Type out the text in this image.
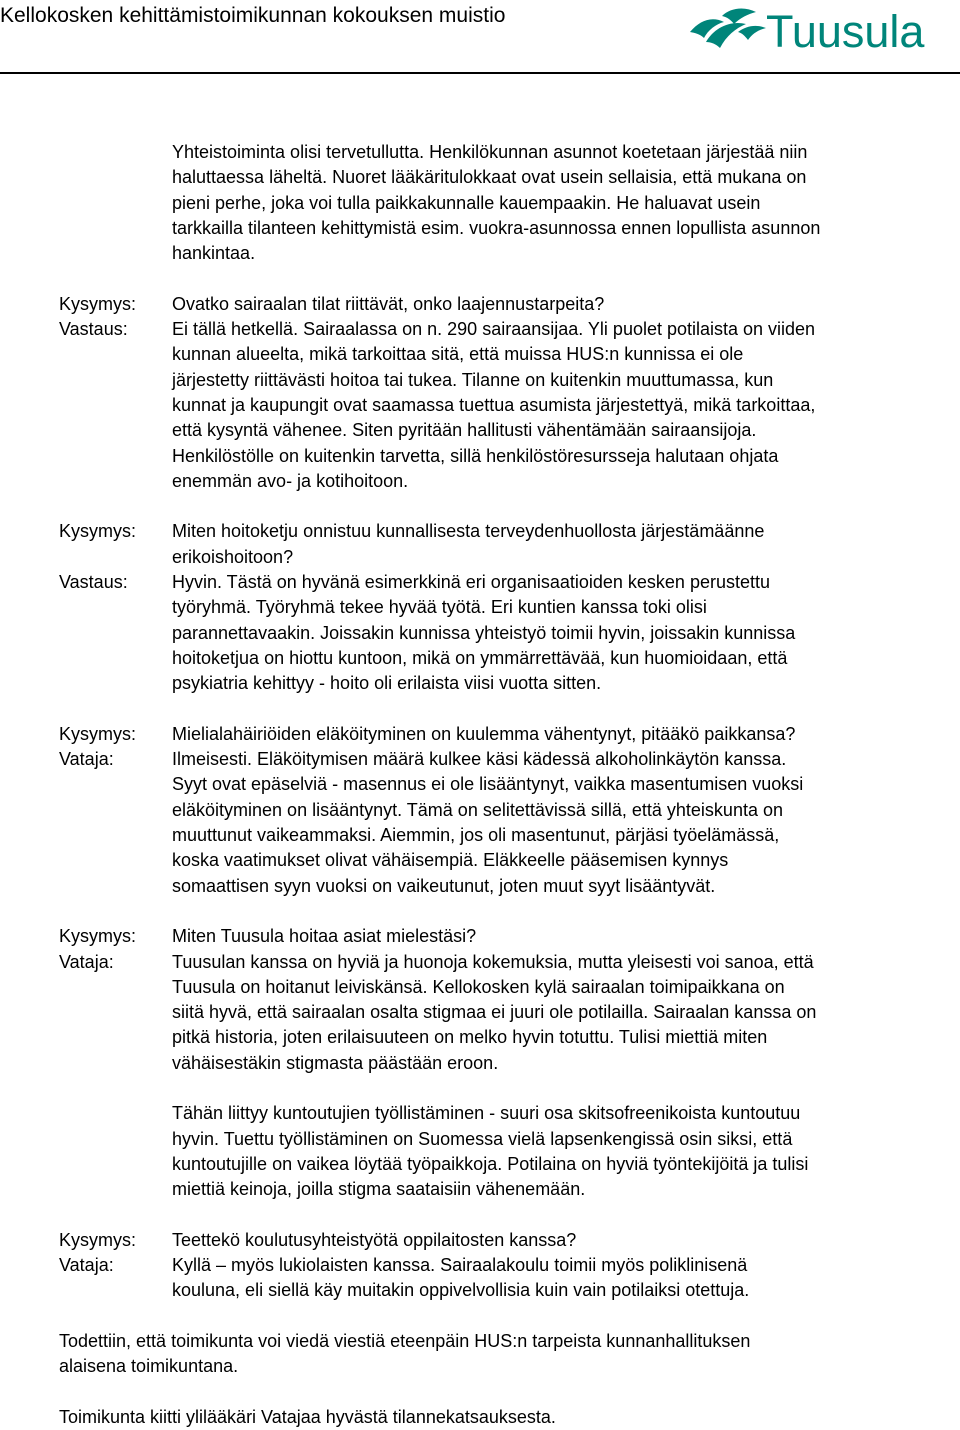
Kellokosken kehittämistoimikunnan kokouksen muistio	Tuusula
Yhteistoiminta olisi tervetullutta. Henkilökunnan asunnot koetetaan järjestää niin
haluttaessa läheltä. Nuoret lääkäritulokkaat ovat usein sellaisia, että mukana on
pieni perhe, joka voi tulla paikkakunnalle kauempaakin. He haluavat usein
tarkkailla tilanteen kehittymistä esim. vuokra-asunnossa ennen lopullista asunnon
hankintaa.
Kysymys:	Ovatko sairaalan tilat riittävät, onko laajennustarpeita?
Vastaus:	Ei tällä hetkellä. Sairaalassa on n. 290 sairaansijaa. Yli puolet potilaista on viiden
kunnan alueelta, mikä tarkoittaa sitä, että muissa HUS:n kunnissa ei ole
järjestetty riittävästi hoitoa tai tukea. Tilanne on kuitenkin muuttumassa, kun
kunnat ja kaupungit ovat saamassa tuettua asumista järjestettyä, mikä tarkoittaa,
että kysyntä vähenee. Siten pyritään hallitusti vähentämään sairaansijoja.
Henkilöstölle on kuitenkin tarvetta, sillä henkilöstöresursseja halutaan ohjata
enemmän avo- ja kotihoitoon.
Kysymys:	Miten hoitoketju onnistuu kunnallisesta terveydenhuollosta järjestämäänne
erikoishoitoon?
Vastaus:	Hyvin. Tästä on hyvänä esimerkkinä eri organisaatioiden kesken perustettu
työryhmä. Työryhmä tekee hyvää työtä. Eri kuntien kanssa toki olisi
parannettavaakin. Joissakin kunnissa yhteistyö toimii hyvin, joissakin kunnissa
hoitoketjua on hiottu kuntoon, mikä on ymmärrettävää, kun huomioidaan, että
psykiatria kehittyy - hoito oli erilaista viisi vuotta sitten.
Kysymys:	Mielialahäiriöiden eläköityminen on kuulemma vähentynyt, pitääkö paikkansa?
Vataja:	Ilmeisesti. Eläköitymisen määrä kulkee käsi kädessä alkoholinkäytön kanssa.
Syyt ovat epäselviä - masennus ei ole lisääntynyt, vaikka masentumisen vuoksi
eläköityminen on lisääntynyt. Tämä on selitettävissä sillä, että yhteiskunta on
muuttunut vaikeammaksi. Aiemmin, jos oli masentunut, pärjäsi työelämässä,
koska vaatimukset olivat vähäisempiä. Eläkkeelle pääsemisen kynnys
somaattisen syyn vuoksi on vaikeutunut, joten muut syyt lisääntyvät.
Kysymys:	Miten Tuusula hoitaa asiat mielestäsi?
Vataja:	Tuusulan kanssa on hyviä ja huonoja kokemuksia, mutta yleisesti voi sanoa, että
Tuusula on hoitanut leiviskänsä. Kellokosken kylä sairaalan toimipaikkana on
siitä hyvä, että sairaalan osalta stigmaa ei juuri ole potilailla. Sairaalan kanssa on
pitkä historia, joten erilaisuuteen on melko hyvin totuttu. Tulisi miettiä miten
vähäisestäkin stigmasta päästään eroon.
Tähän liittyy kuntoutujien työllistäminen - suuri osa skitsofreenikoista kuntoutuu
hyvin. Tuettu työllistäminen on Suomessa vielä lapsenkengissä osin siksi, että
kuntoutujille on vaikea löytää työpaikkoja. Potilaina on hyviä työntekijöitä ja tulisi
miettiä keinoja, joilla stigma saataisiin vähenemään.
Kysymys:	Teettekö koulutusyhteistyötä oppilaitosten kanssa?
Vataja:	Kyllä – myös lukiolaisten kanssa. Sairaalakoulu toimii myös poliklinisenä
kouluna, eli siellä käy muitakin oppivelvollisia kuin vain potilaiksi otettuja.
Todettiin, että toimikunta voi viedä viestiä eteenpäin HUS:n tarpeista kunnanhallituksen
alaisena toimikuntana.
Toimikunta kiitti ylilääkäri Vatajaa hyvästä tilannekatsauksesta.
